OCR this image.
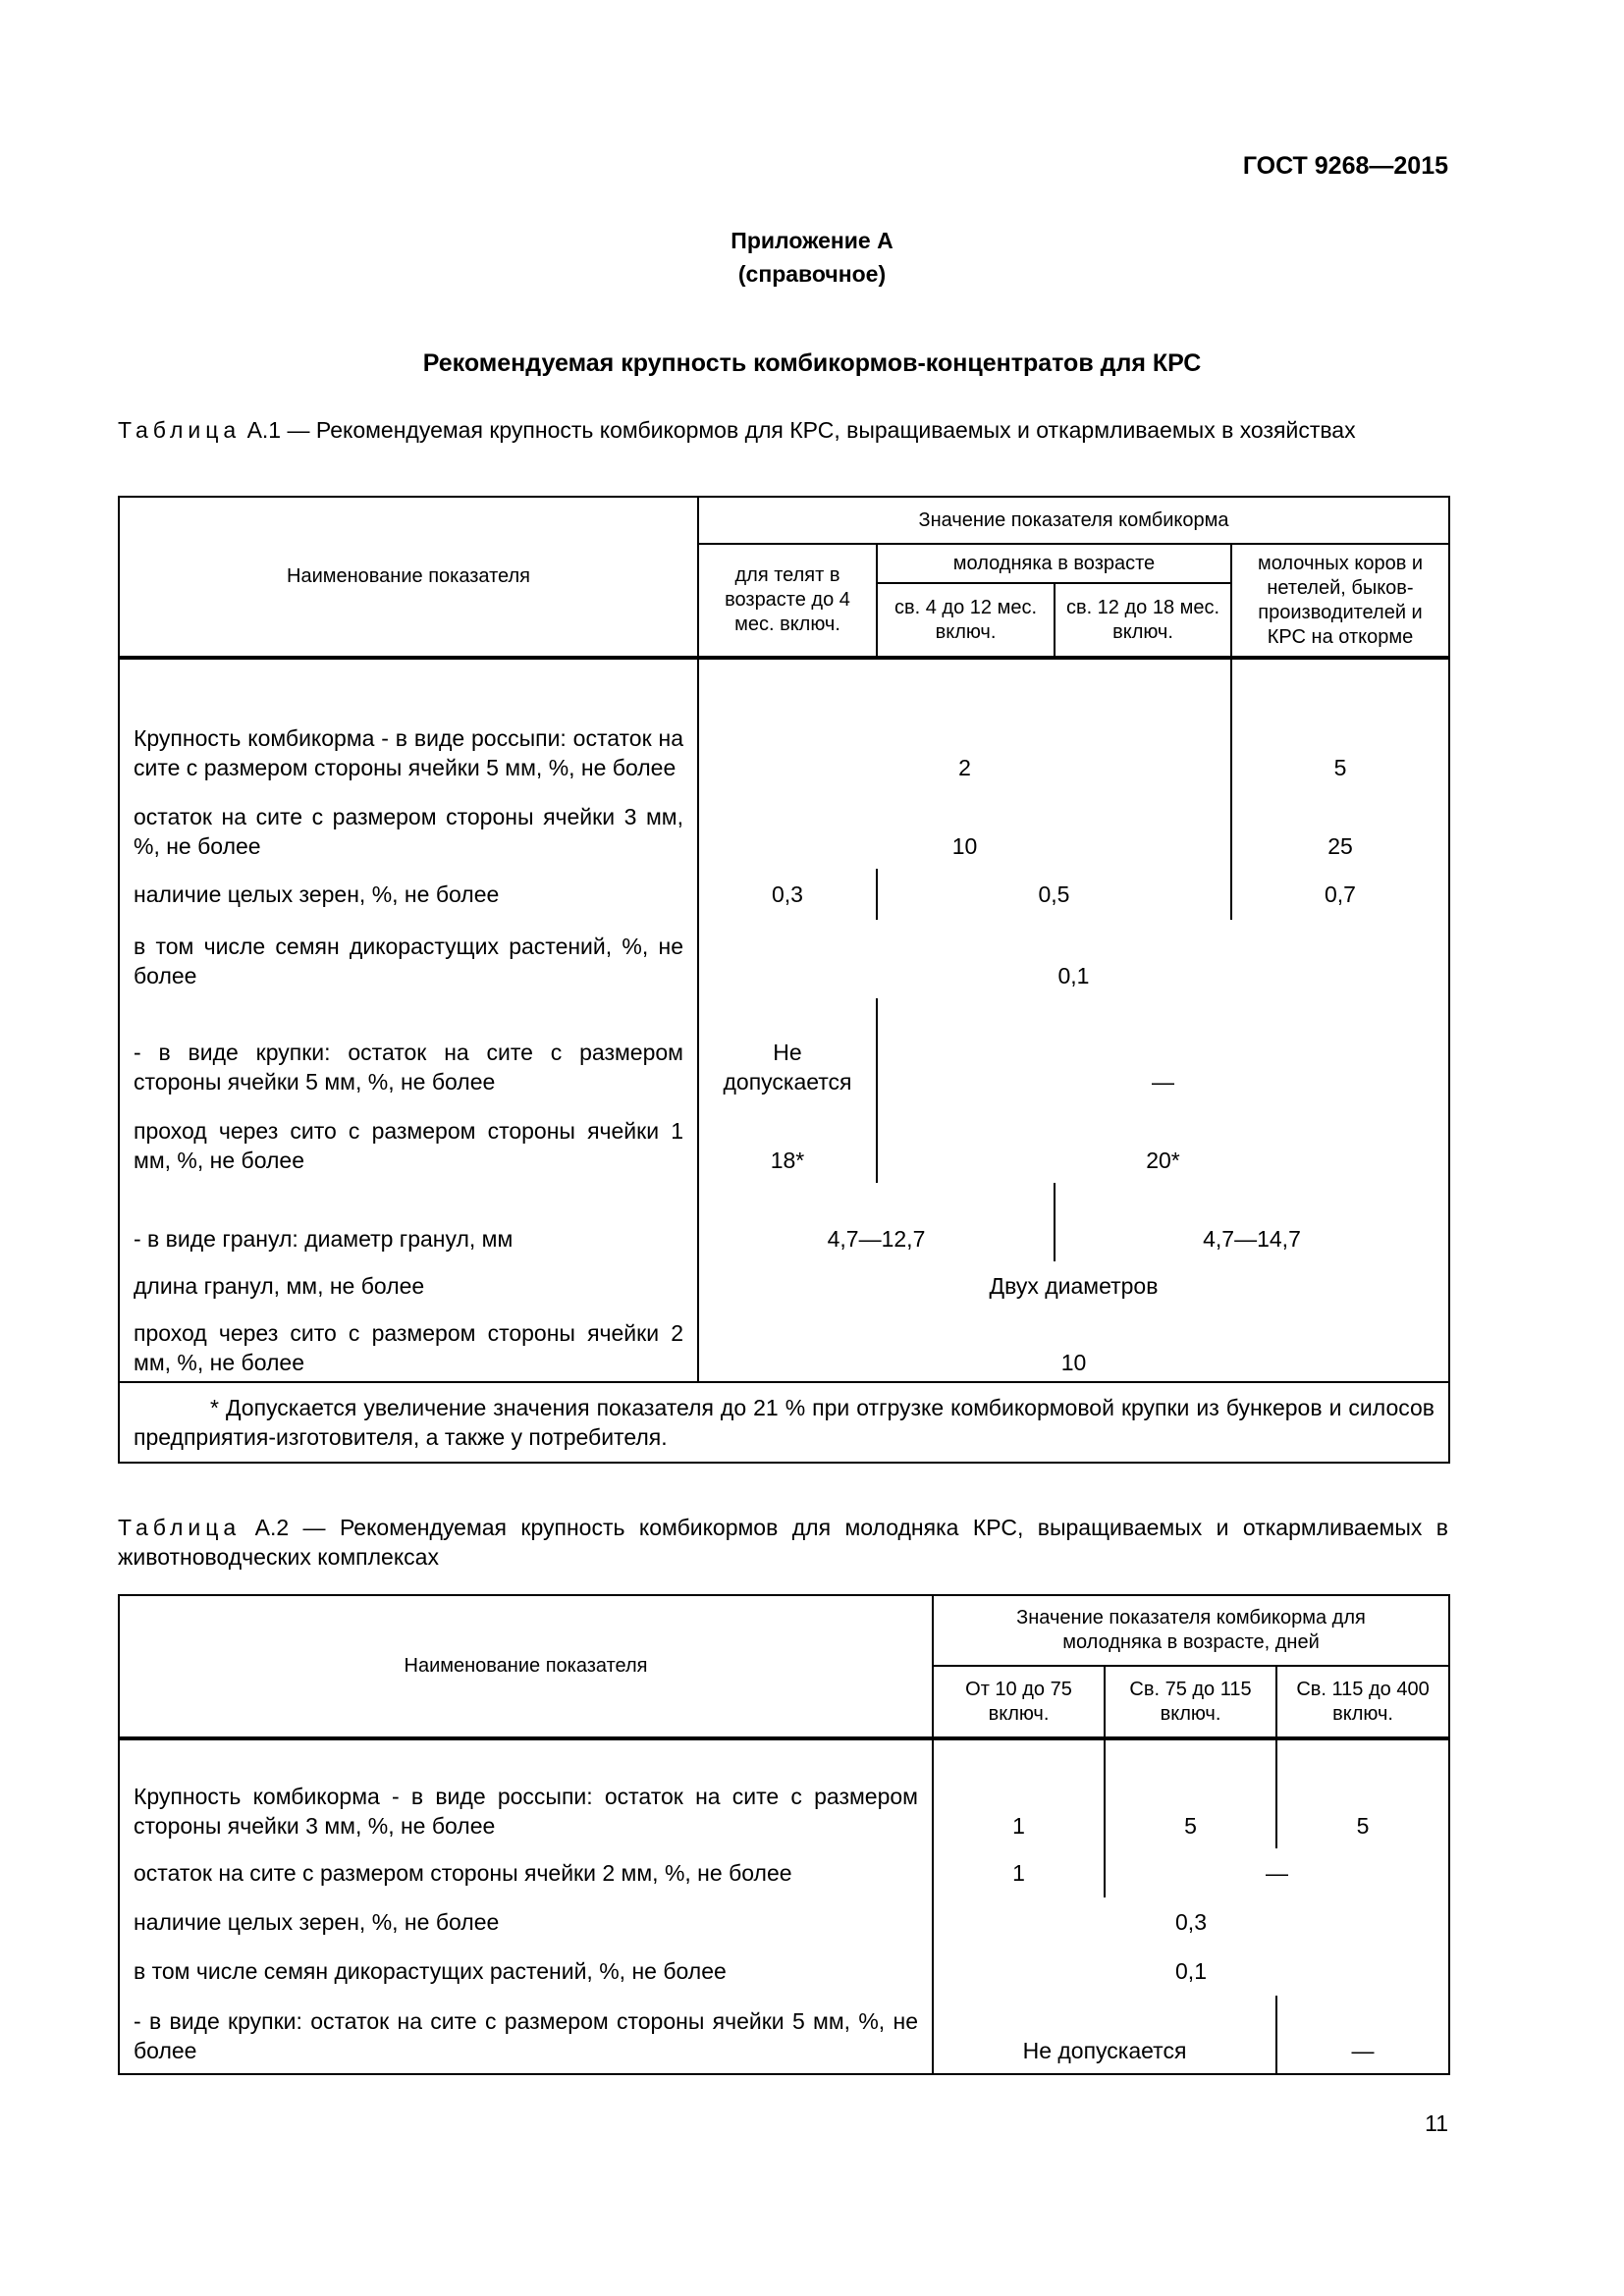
ГОСТ 9268—2015
Приложение А
(справочное)
Рекомендуемая крупность комбикормов-концентратов для КРС
Таблица А.1 — Рекомендуемая крупность комбикормов для КРС, выращиваемых и откармливаемых в хозяйствах
Наименование показателя	Значение показателя комбикорма			
	для телят в возрасте до 4 мес. включ.	молодняка в возрасте		молочных коров и нетелей, быков-производителей и КРС на откорме
		св. 4 до 12 мес. включ.	св. 12 до 18 мес. включ.	
Крупность комбикорма - в виде россыпи: остаток на сите с размером стороны ячейки 5 мм, %, не более	2			5
остаток на сите с размером стороны ячейки 3 мм, %, не более	10			25
наличие целых зерен, %, не более	0,3	0,5		0,7
в том числе семян дикорастущих растений, %, не более	0,1			
- в виде крупки: остаток на сите с размером стороны ячейки 5 мм, %, не более	Не допускается	—		
проход через сито с размером стороны ячейки 1 мм, %, не более	18*	20*		
- в виде гранул: диаметр гранул, мм	4,7—12,7		4,7—14,7	
длина гранул, мм, не более	Двух диаметров			
проход через сито с размером стороны ячейки 2 мм, %, не более	10			
* Допускается увеличение значения показателя до 21 % при отгрузке комбикормовой крупки из бункеров и силосов предприятия-изготовителя, а также у потребителя.				
Таблица А.2 — Рекомендуемая крупность комбикормов для молодняка КРС, выращиваемых и откармливаемых в животноводческих комплексах
Наименование показателя	Значение показателя комбикорма для молодняка в возрасте, дней		
	От 10 до 75 включ.	Св. 75 до 115 включ.	Св. 115 до 400 включ.
Крупность комбикорма - в виде россыпи: остаток на сите с размером стороны ячейки 3 мм, %, не более	1	5	5
остаток на сите с размером стороны ячейки 2 мм, %, не более	1	—	
наличие целых зерен, %, не более	0,3		
в том числе семян дикорастущих растений, %, не более	0,1		
- в виде крупки: остаток на сите с размером стороны ячейки 5 мм, %, не более	Не допускается		—
11
